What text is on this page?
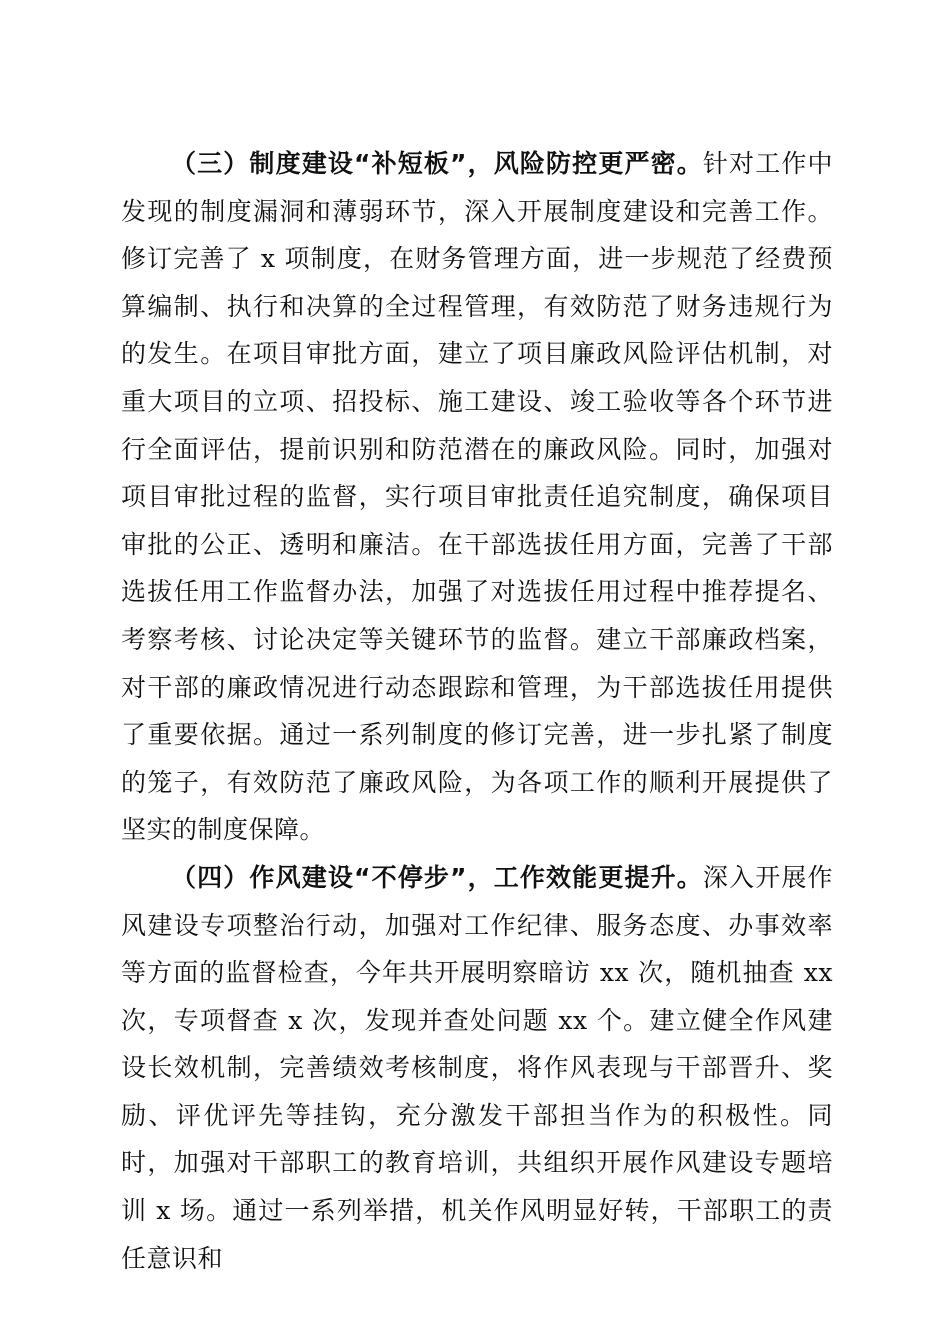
（三）制度建设“补短板”，风险防控更严密。针对工作中发现的制度漏洞和薄弱环节，深入开展制度建设和完善工作。修订完善了 x 项制度，在财务管理方面，进一步规范了经费预算编制、执行和决算的全过程管理，有效防范了财务违规行为的发生。在项目审批方面，建立了项目廉政风险评估机制，对重大项目的立项、招投标、施工建设、竣工验收等各个环节进行全面评估，提前识别和防范潜在的廉政风险。同时，加强对项目审批过程的监督，实行项目审批责任追究制度，确保项目审批的公正、透明和廉洁。在干部选拔任用方面，完善了干部选拔任用工作监督办法，加强了对选拔任用过程中推荐提名、考察考核、讨论决定等关键环节的监督。建立干部廉政档案，对干部的廉政情况进行动态跟踪和管理，为干部选拔任用提供了重要依据。通过一系列制度的修订完善，进一步扎紧了制度的笼子，有效防范了廉政风险，为各项工作的顺利开展提供了坚实的制度保障。

（四）作风建设“不停步”，工作效能更提升。深入开展作风建设专项整治行动，加强对工作纪律、服务态度、办事效率等方面的监督检查，今年共开展明察暗访 xx 次，随机抽查 xx 次，专项督查 x 次，发现并查处问题 xx 个。建立健全作风建设长效机制，完善绩效考核制度，将作风表现与干部晋升、奖励、评优评先等挂钩，充分激发干部担当作为的积极性。同时，加强对干部职工的教育培训，共组织开展作风建设专题培训 x 场。通过一系列举措，机关作风明显好转，干部职工的责任意识和
